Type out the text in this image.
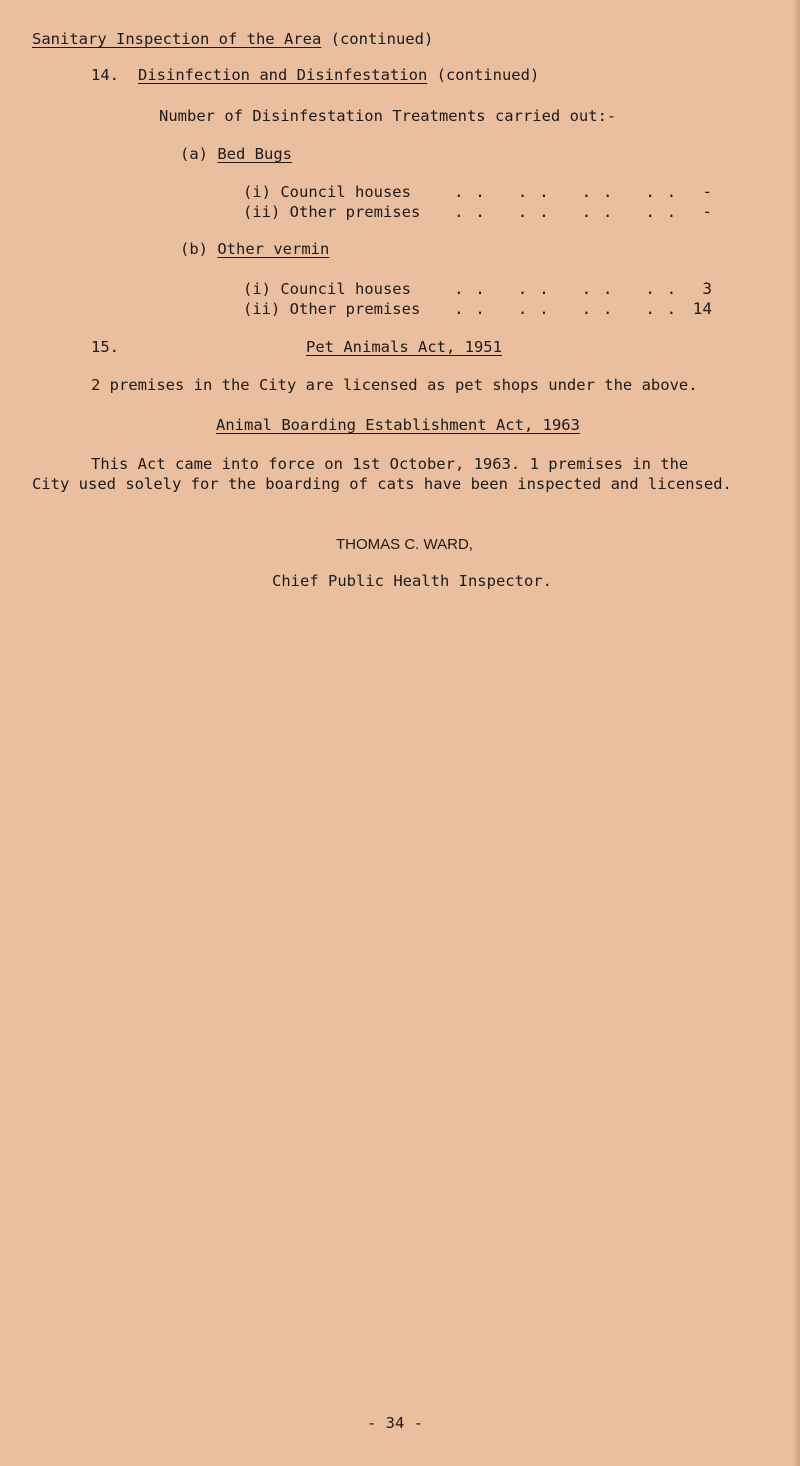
Sanitary Inspection of the Area (continued)
14. Disinfection and Disinfestation (continued)
Number of Disinfestation Treatments carried out:-
(a) Bed Bugs
(i) Council houses	. .   . .   . .   . .	-
(ii) Other premises . .   . .   . .   . .	-
(b) Other vermin
(i) Council houses	. .   . .   . .   . .	3
(ii) Other premises . .   . .   . .   . . 14
15.	Pet Animals Act, 1951
2 premises in the City are licensed as pet shops under the above.
Animal Boarding Establishment Act, 1963
This Act came into force on 1st October, 1963. 1 premises in the
City used solely for the boarding of cats have been inspected and licensed.
THOMAS C. WARD,
Chief Public Health Inspector.
- 34 -
